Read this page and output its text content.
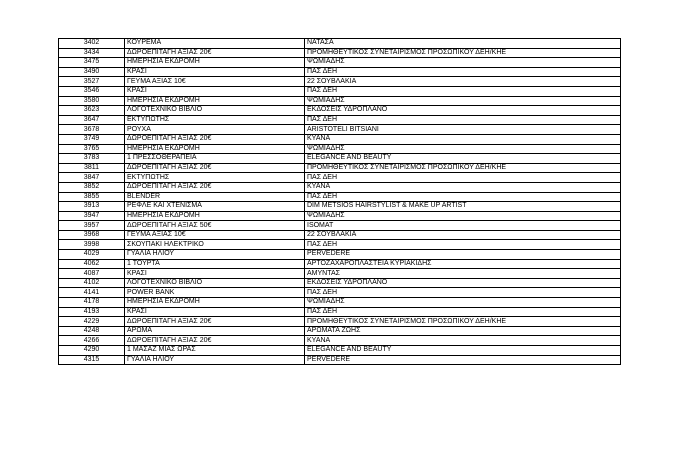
3402	ΚΟΥΡΕΜΑ	ΝΑΤΑΣΑ
3434	ΔΩΡΟΕΠΙΤΑΓΗ ΑΞΙΑΣ 20€	ΠΡΟΜΗΘΕΥΤΙΚΟΣ ΣΥΝΕΤΑΙΡΙΣΜΟΣ ΠΡΟΣΩΠΙΚΟΥ ΔΕΗ/ΚΗΕ
3475	ΗΜΕΡΗΣΙΑ ΕΚΔΡΟΜΗ	ΨΩΜΙΑΔΗΣ
3490	ΚΡΑΣΙ	ΠΑΣ ΔΕΗ
3527	ΓΕΥΜΑ ΑΞΙΑΣ 10€	22 ΣΟΥΒΛΑΚΙΑ
3546	ΚΡΑΣΙ	ΠΑΣ ΔΕΗ
3580	ΗΜΕΡΗΣΙΑ ΕΚΔΡΟΜΗ	ΨΩΜΙΑΔΗΣ
3623	ΛΟΓΟΤΕΧΝΙΚΟ ΒΙΒΛΙΟ	ΕΚΔΟΣΕΙΣ ΥΔΡΟΠΛΑΝΟ
3647	ΕΚΤΥΠΩΤΗΣ	ΠΑΣ ΔΕΗ
3678	ΡΟΥΧΑ	ARISTOTELI BITSIANI
3749	ΔΩΡΟΕΠΙΤΑΓΗ ΑΞΙΑΣ 20€	ΚΥΑΝΑ
3765	ΗΜΕΡΗΣΙΑ ΕΚΔΡΟΜΗ	ΨΩΜΙΑΔΗΣ
3783	1 ΠΡΕΣΣΟΘΕΡΑΠΕΙΑ	ELEGANCE AND BEAUTY
3811	ΔΩΡΟΕΠΙΤΑΓΗ ΑΞΙΑΣ 20€	ΠΡΟΜΗΘΕΥΤΙΚΟΣ ΣΥΝΕΤΑΙΡΙΣΜΟΣ ΠΡΟΣΩΠΙΚΟΥ ΔΕΗ/ΚΗΕ
3847	ΕΚΤΥΠΩΤΗΣ	ΠΑΣ ΔΕΗ
3852	ΔΩΡΟΕΠΙΤΑΓΗ ΑΞΙΑΣ 20€	ΚΥΑΝΑ
3855	BLENDER	ΠΑΣ ΔΕΗ
3913	ΡΕΦΛΕ ΚΑΙ ΧΤΕΝΙΣΜΑ	DIM METSIOS HAIRSTYLIST & MAKE UP ARTIST
3947	ΗΜΕΡΗΣΙΑ ΕΚΔΡΟΜΗ	ΨΩΜΙΑΔΗΣ
3957	ΔΩΡΟΕΠΙΤΑΓΗ ΑΞΙΑΣ 50€	ISOMAT
3968	ΓΕΥΜΑ ΑΞΙΑΣ 10€	22 ΣΟΥΒΛΑΚΙΑ
3998	ΣΚΟΥΠΑΚΙ ΗΛΕΚΤΡΙΚΟ	ΠΑΣ ΔΕΗ
4029	ΓΥΑΛΙΑ ΗΛΙΟΥ	PERVEDERE
4062	1 ΤΟΥΡΤΑ	ΑΡΤΟΖΑΧΑΡΟΠΛΑΣΤΕΙΑ ΚΥΡΙΑΚΙΔΗΣ
4087	ΚΡΑΣΙ	ΑΜΥΝΤΑΣ
4102	ΛΟΓΟΤΕΧΝΙΚΟ ΒΙΒΛΙΟ	ΕΚΔΟΣΕΙΣ ΥΔΡΟΠΛΑΝΟ
4141	POWER BANK	ΠΑΣ ΔΕΗ
4178	ΗΜΕΡΗΣΙΑ ΕΚΔΡΟΜΗ	ΨΩΜΙΑΔΗΣ
4193	ΚΡΑΣΙ	ΠΑΣ ΔΕΗ
4229	ΔΩΡΟΕΠΙΤΑΓΗ ΑΞΙΑΣ 20€	ΠΡΟΜΗΘΕΥΤΙΚΟΣ ΣΥΝΕΤΑΙΡΙΣΜΟΣ ΠΡΟΣΩΠΙΚΟΥ ΔΕΗ/ΚΗΕ
4248	ΑΡΩΜΑ	ΑΡΩΜΑΤΑ ΖΩΗΣ
4266	ΔΩΡΟΕΠΙΤΑΓΗ ΑΞΙΑΣ 20€	ΚΥΑΝΑ
4290	1 ΜΑΣΑΖ ΜΙΑΣ ΩΡΑΣ	ELEGANCE AND BEAUTY
4315	ΓΥΑΛΙΑ ΗΛΙΟΥ	PERVEDERE
